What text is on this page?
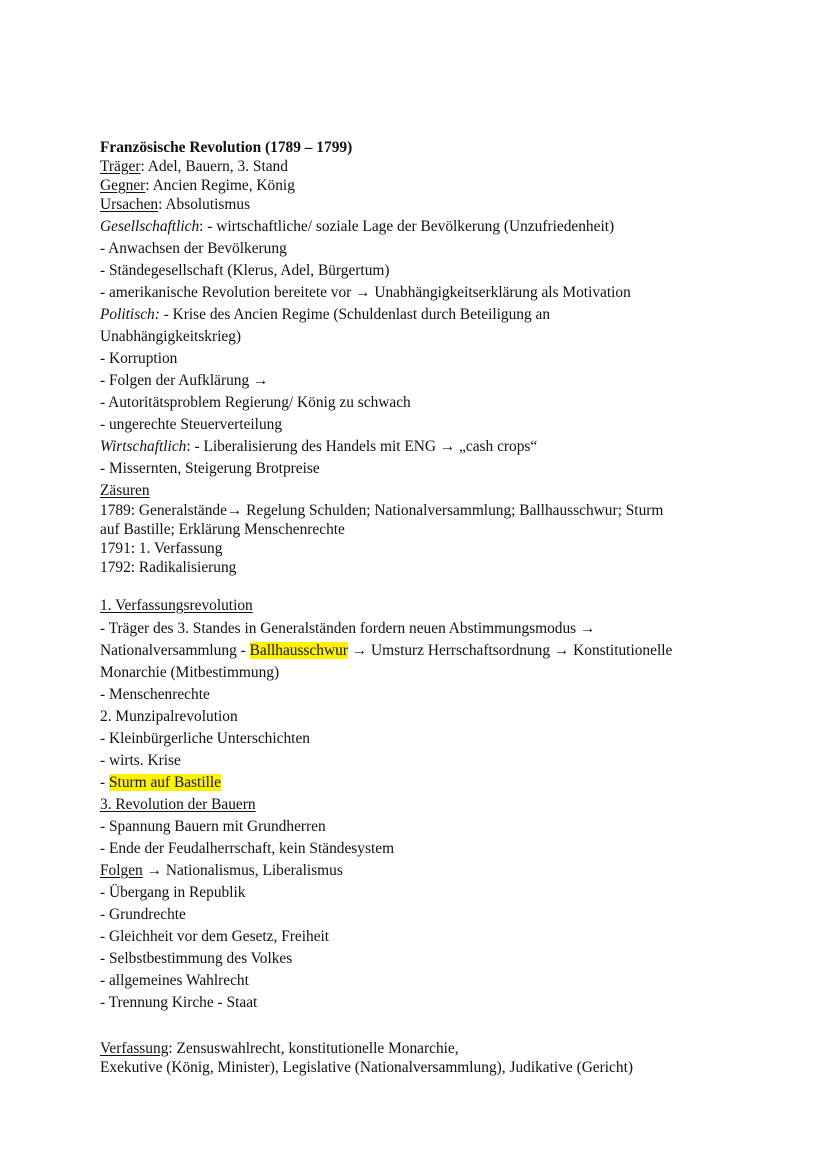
Französische Revolution (1789 – 1799)
Träger: Adel, Bauern, 3. Stand
Gegner: Ancien Regime, König
Ursachen: Absolutismus
Gesellschaftlich: - wirtschaftliche/ soziale Lage der Bevölkerung (Unzufriedenheit)
- Anwachsen der Bevölkerung
- Ständegesellschaft (Klerus, Adel, Bürgertum)
- amerikanische Revolution bereitete vor → Unabhängigkeitserklärung als Motivation
Politisch: - Krise des Ancien Regime (Schuldenlast durch Beteiligung an
Unabhängigkeitskrieg)
- Korruption
- Folgen der Aufklärung →
- Autoritätsproblem Regierung/ König zu schwach
- ungerechte Steuerverteilung
Wirtschaftlich: - Liberalisierung des Handels mit ENG → „cash crops“
- Missernten, Steigerung Brotpreise
Zäsuren
1789: Generalstände→ Regelung Schulden; Nationalversammlung; Ballhausschwur; Sturm
auf Bastille; Erklärung Menschenrechte
1791: 1. Verfassung
1792: Radikalisierung
1. Verfassungsrevolution
- Träger des 3. Standes in Generalständen fordern neuen Abstimmungsmodus →
Nationalversammlung - Ballhausschwur → Umsturz Herrschaftsordnung → Konstitutionelle
Monarchie (Mitbestimmung)
- Menschenrechte
2. Munzipalrevolution
- Kleinbürgerliche Unterschichten
- wirts. Krise
- Sturm auf Bastille
3. Revolution der Bauern
- Spannung Bauern mit Grundherren
- Ende der Feudalherrschaft, kein Ständesystem
Folgen → Nationalismus, Liberalismus
- Übergang in Republik
- Grundrechte
- Gleichheit vor dem Gesetz, Freiheit
- Selbstbestimmung des Volkes
- allgemeines Wahlrecht
- Trennung Kirche - Staat
Verfassung: Zensuswahlrecht, konstitutionelle Monarchie,
Exekutive (König, Minister), Legislative (Nationalversammlung), Judikative (Gericht)
